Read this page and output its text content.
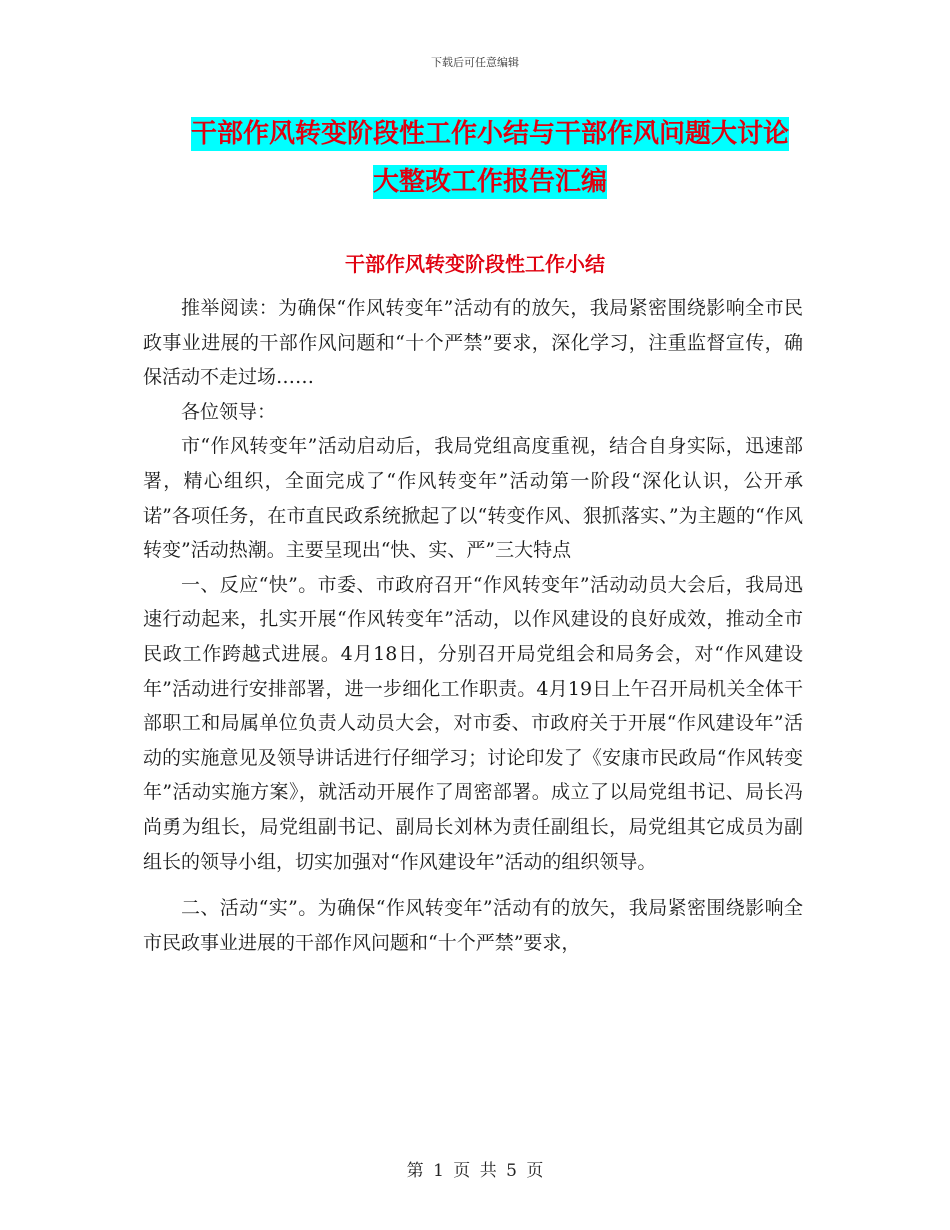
下载后可任意编辑
干部作风转变阶段性工作小结与干部作风问题大讨论
大整改工作报告汇编
干部作风转变阶段性工作小结

推举阅读：为确保“作风转变年”活动有的放矢，我局紧密围绕影响全市民政事业进展的干部作风问题和“十个严禁”要求，深化学习，注重监督宣传，确保活动不走过场……

各位领导：

市“作风转变年”活动启动后，我局党组高度重视，结合自身实际，迅速部署，精心组织，全面完成了“作风转变年”活动第一阶段“深化认识，公开承诺”各项任务，在市直民政系统掀起了以“转变作风、狠抓落实、”为主题的“作风转变”活动热潮。主要呈现出“快、实、严”三大特点

一、反应“快”。市委、市政府召开“作风转变年”活动动员大会后，我局迅速行动起来，扎实开展“作风转变年”活动，以作风建设的良好成效，推动全市民政工作跨越式进展。4月18日，分别召开局党组会和局务会，对“作风建设年”活动进行安排部署，进一步细化工作职责。4月19日上午召开局机关全体干部职工和局属单位负责人动员大会，对市委、市政府关于开展“作风建设年”活动的实施意见及领导讲话进行仔细学习；讨论印发了《安康市民政局“作风转变年”活动实施方案》，就活动开展作了周密部署。成立了以局党组书记、局长冯尚勇为组长，局党组副书记、副局长刘林为责任副组长，局党组其它成员为副组长的领导小组，切实加强对“作风建设年”活动的组织领导。

二、活动“实”。为确保“作风转变年”活动有的放矢，我局紧密围绕影响全市民政事业进展的干部作风问题和“十个严禁”要求，

第 1 页 共 5 页
